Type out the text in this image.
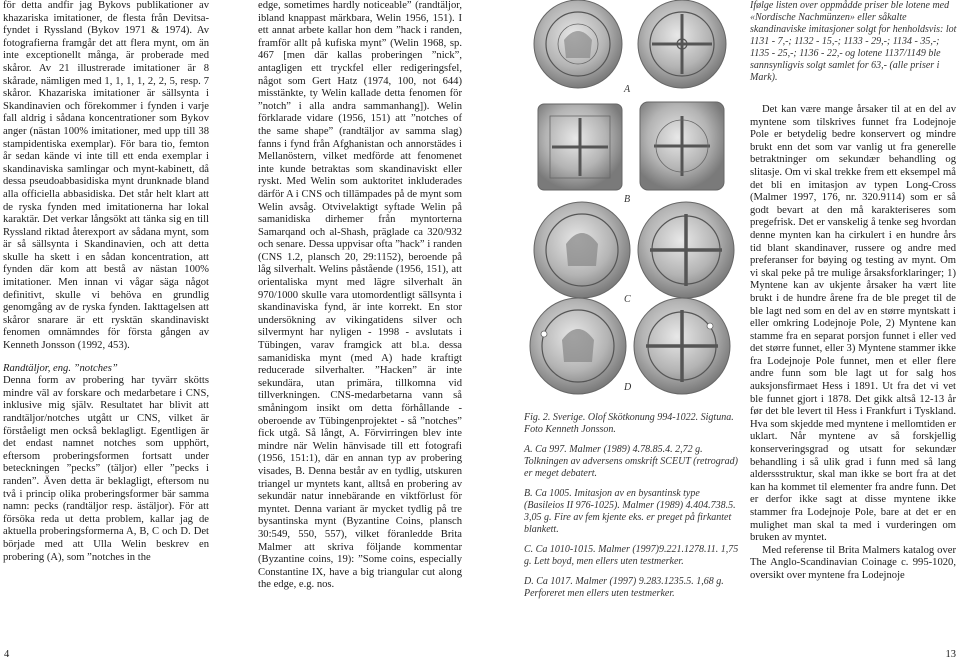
för detta andfir jag Bykovs publikationer av khazariska imitationer, de flesta från Devitsa-fyndet i Ryssland (Bykov 1971 & 1974). Av fotografierna framgår det att flera mynt, om än inte exceptionellt många, är proberade med skåror. Av 21 illustrerade imitationer är 8 skårade, nämligen med 1, 1, 1, 1, 2, 2, 5, resp. 7 skåror. Khazariska imitationer är sällsynta i Skandinavien och förekommer i fynden i varje fall aldrig i sådana koncentrationer som Bykov anger (nästan 100% imitationer, med upp till 38 stampidentiska exemplar). För bara tio, femton år sedan kände vi inte till ett enda exemplar i skandinaviska samlingar och mynt-kabinett, då dessa pseudoabbasidiska mynt drunknade bland alla officiella abbasidiska. Det står helt klart att de ryska fynden med imitationerna har lokal karaktär. Det verkar långsökt att tänka sig en till Ryssland riktad återexport av sådana mynt, som är så sällsynta i Skandinavien, och att detta skulle ha skett i en sådan koncentration, att fynden där kom att bestå av nästan 100% imitationer. Men innan vi vågar säga något definitivt, skulle vi behöva en grundlig genomgång av de ryska fynden. Iakttagelsen att skåror snarare är ett rysktän skandinaviskt fenomen omnämndes för första gången av Kenneth Jonsson (1992, 453).

Randtäljor, eng. ”notches”

Denna form av probering har tyvärr skötts mindre väl av forskare och medarbetare i CNS, inklusive mig själv. Resultatet har blivit att randtäljor/notches utgått ur CNS, vilket är förståeligt men också beklagligt. Egentligen är det endast namnet notches som upphört, eftersom proberingsformen fortsatt under beteckningen ”pecks” (täljor) eller ”pecks i randen”. Även detta är beklagligt, eftersom nu två i princip olika proberingsformer bär samma namn: pecks (randtäljor resp. ästäljor). För att försöka reda ut detta problem, kallar jag de aktuella proberingsformerna A, B, C och D. Det började med att Ulla Welin beskrev en probering (A), som ”notches in the

edge, sometimes hardly noticeable” (randtäljor, ibland knappast märkbara, Welin 1956, 151). I ett annat arbete kallar hon dem ”hack i randen, framför allt på kufiska mynt” (Welin 1968, sp. 467 [men där kallas proberingen ”nick”, antagligen ett tryckfel eller redigeringsfel, något som Gert Hatz (1974, 100, not 644) misstänkte, ty Welin kallade detta fenomen för ”notch” i alla andra sammanhang]). Welin förklarade vidare (1956, 151) att ”notches of the same shape” (randtäljor av samma slag) fanns i fynd från Afghanistan och annorstädes i Mellanöstern, vilket medförde att fenomenet inte kunde betraktas som skandinaviskt eller ryskt. Med Welin som auktoritet inkluderades därför A i CNS och tillämpades på de mynt som Welin avsåg. Otvivelaktigt syftade Welin på samanidiska dirhemer från myntorterna Samarqand och al-Shash, präglade ca 320/932 och senare. Dessa uppvisar ofta ”hack” i randen (CNS 1.2, plansch 20, 29:1152), beroende på låg silverhalt. Welins påstående (1956, 151), att orientaliska mynt med lägre silverhalt än 970/1000 skulle vara utomordentligt sällsynta i skandinaviska fynd, är inte korrekt. En stor undersökning av vikingatidens silver och silvermynt har nyligen - 1998 - avslutats i Tübingen, varav framgick att bl.a. dessa samanidiska mynt (med A) hade kraftigt reducerade silverhalter. ”Hacken” är inte sekundära, utan primära, tillkomna vid tillverkningen. CNS-medarbetarna vann så småningom insikt om detta förhållande - oberoende av Tübingenprojektet - så ”notches” fick utgå. Så långt, A. Förvirringen blev inte mindre när Welin hänvisade till ett fotografi (1956, 151:1), där en annan typ av probering visades, B. Denna består av en tydlig, utskuren triangel ur myntets kant, alltså en probering av sekundär natur innebärande en viktförlust för myntet. Denna variant är mycket tydlig på tre bysantinska mynt (Byzantine Coins, plansch 30:549, 550, 557), vilket föranledde Brita Malmer att skriva följande kommentar (Byzantine coins, 19): ”Some coins, especially Constantine IX, have a big triangular cut along the edge, e.g. nos.

A
B
C
D

Fig. 2. Sverige. Olof Skötkonung 994-1022. Sigtuna. Foto Kenneth Jonsson.

A. Ca 997. Malmer (1989) 4.78.85.4. 2,72 g. Tolkningen av adversens omskrift SCEUT (retrograd) er meget debatert.

B. Ca 1005. Imitasjon av en bysantinsk type (Basileios II 976-1025). Malmer (1989) 4.404.738.5. 3,05 g. Fire av fem kjente eks. er preget på firkantet blankett.

C. Ca 1010-1015. Malmer (1997)9.221.1278.11. 1,75 g. Lett boyd, men ellers uten testmerker.

D. Ca 1017. Malmer (1997) 9.283.1235.5. 1,68 g. Perforeret men ellers uten testmerker.

Ifølge listen over oppmådde priser ble lotene med «Nordische Nachmünzen» eller såkalte skandinaviske imitasjoner solgt for henholdsvis: lot 1131 - 7,-; 1132 - 15,-; 1133 - 29,-; 1134 - 35,-; 1135 - 25,-; 1136 - 22,- og lotene 1137/1149 ble sannsynligvis solgt samlet for 63,- (alle priser i Mark).

Det kan være mange årsaker til at en del av myntene som tilskrives funnet fra Lodejnoje Pole er betydelig bedre konservert og mindre brukt enn det som var vanlig ut fra generelle betraktninger om sekundær behandling og slitasje. Om vi skal trekke frem ett eksempel må det bli en imitasjon av typen Long-Cross (Malmer 1997, 176, nr. 320.9114) som er så godt bevart at den må karakteriseres som pregefrisk. Det er vanskelig å tenke seg hvordan denne mynten kan ha cirkulert i en hundre års tid blant skandinaver, russere og andre med preferanser for bøying og testing av mynt. Om vi skal peke på tre mulige årsaksforklaringer; 1) Myntene kan av ukjente årsaker ha vært lite brukt i de hundre årene fra de ble preget til de ble lagt ned som en del av en større myntskatt i eller omkring Lodejnoje Pole, 2) Myntene kan stamme fra en separat porsjon funnet i eller ved det større funnet, eller 3) Myntene stammer ikke fra Lodejnoje Pole funnet, men et eller flere andre funn som ble lagt ut for salg hos auksjonsfirmaet Hess i 1891. Ut fra det vi vet ble funnet gjort i 1878. Det gikk altså 12-13 år før det ble levert til Hess i Frankfurt i Tyskland. Hva som skjedde med myntene i mellomtiden er uklart. Når myntene av så forskjellig konserveringsgrad og utsatt for sekundær behandling i så ulik grad i funn med så lang alderssstruktur, skal man ikke se bort fra at det kan ha kommet til elementer fra andre funn. Det er derfor ikke sagt at disse myntene ikke stammer fra Lodejnoje Pole, bare at det er en mulighet man skal ta med i vurderingen om bruken av myntet.

Med referense til Brita Malmers katalog over The Anglo-Scandinavian Coinage c. 995-1020, oversikt over myntene fra Lodejnoje

4	13
